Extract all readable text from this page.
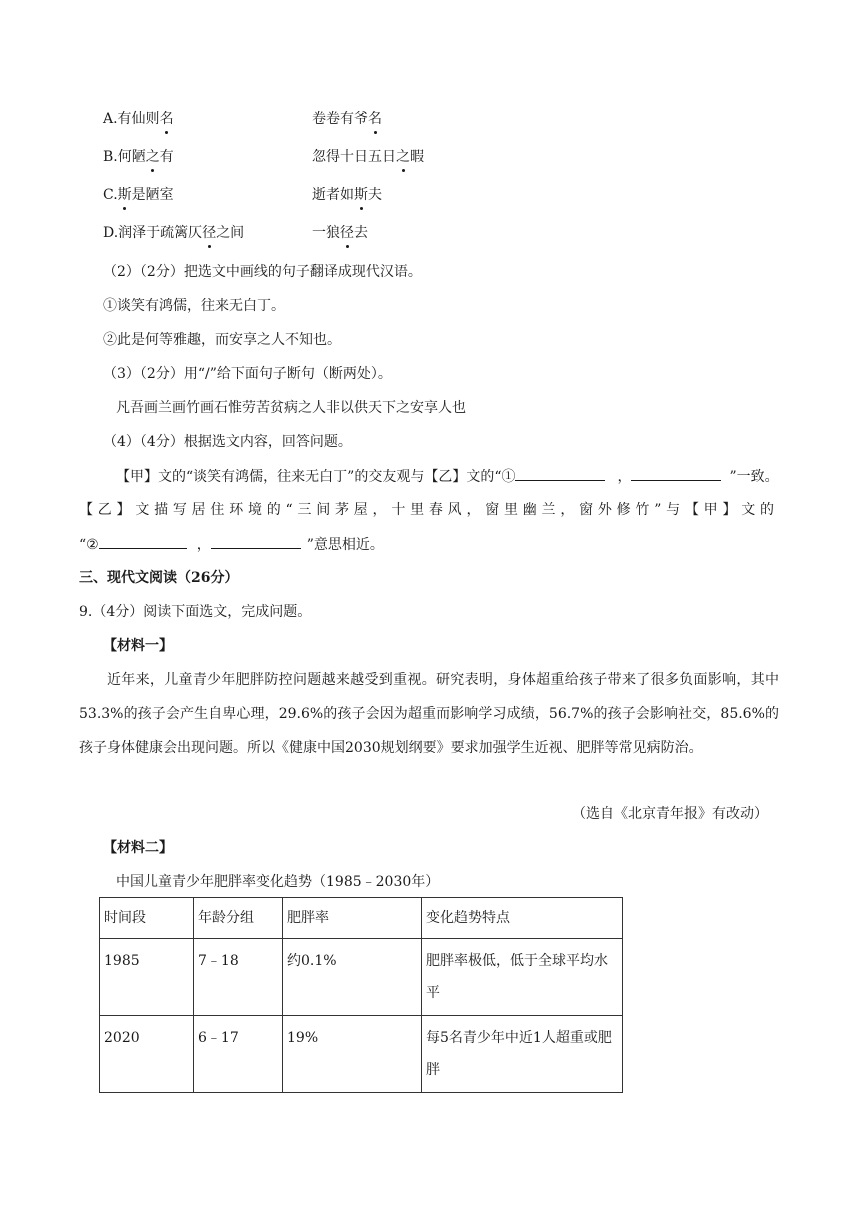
A.有仙则名	卷卷有爷名
B.何陋之有	忽得十日五日之暇
C.斯是陋室	逝者如斯夫
D.润泽于疏篱仄径之间	一狼径去
（2）（2分）把选文中画线的句子翻译成现代汉语。
①谈笑有鸿儒，往来无白丁。
②此是何等雅趣，而安享之人不知也。
（3）（2分）用“/”给下面句子断句（断两处）。
凡吾画兰画竹画石惟劳苦贫病之人非以供天下之安享人也
（4）（4分）根据选文内容，回答问题。
【甲】文的“谈笑有鸿儒，往来无白丁”的交友观与【乙】文的“①	，	”一致。
【乙】文描写居住环境的“三间茅屋，十里春风，窗里幽兰，窗外修竹”与【甲】文的
“②	，	”意思相近。
三、现代文阅读（26分）
9.（4分）阅读下面选文，完成问题。
【材料一】
近年来，儿童青少年肥胖防控问题越来越受到重视。研究表明，身体超重给孩子带来了很多负面影响，其中53.3%的孩子会产生自卑心理，29.6%的孩子会因为超重而影响学习成绩，56.7%的孩子会影响社交，85.6%的孩子身体健康会出现问题。所以《健康中国2030规划纲要》要求加强学生近视、肥胖等常见病防治。
（选自《北京青年报》有改动）
【材料二】
中国儿童青少年肥胖率变化趋势（1985﹣2030年）
时间段	年龄分组	肥胖率	变化趋势特点
1985	7﹣18	约0.1%	肥胖率极低，低于全球平均水平
2020	6﹣17	19%	每5名青少年中近1人超重或肥胖
